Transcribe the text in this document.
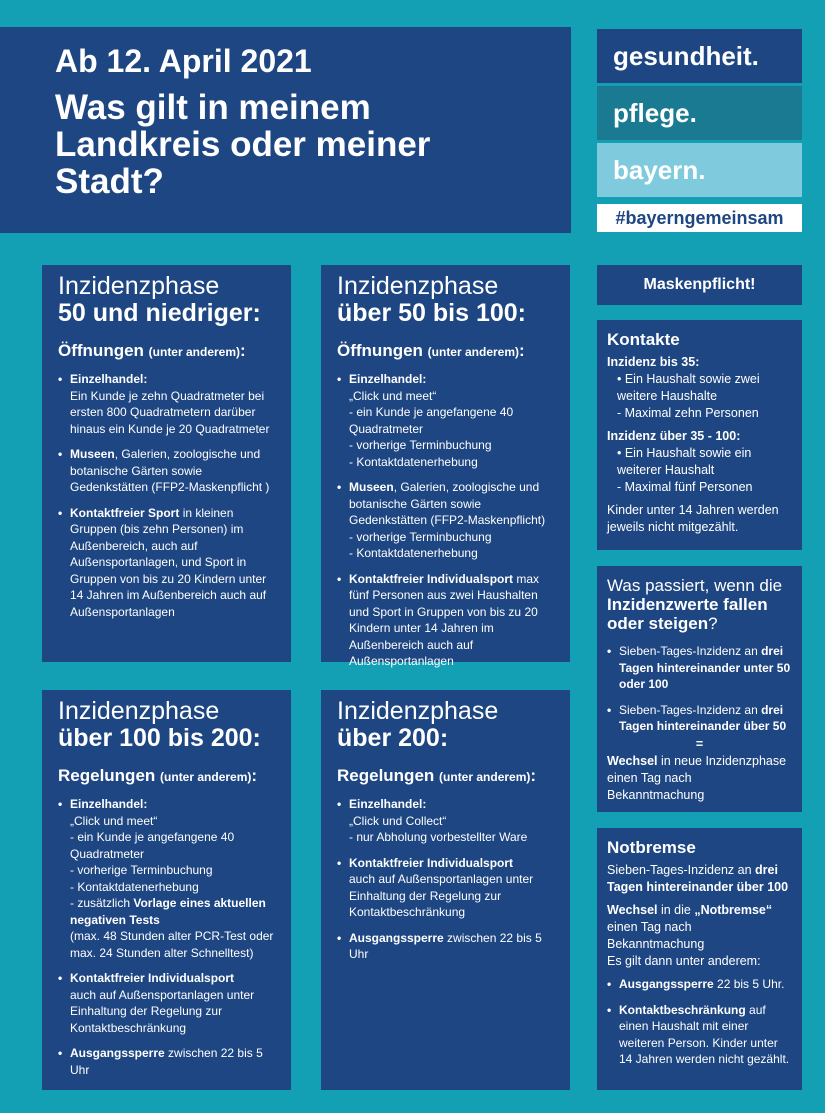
Ab 12. April 2021
Was gilt in meinem Landkreis oder meiner Stadt?
gesundheit.
pflege.
bayern.
#bayerngemeinsam
Inzidenzphase
50 und niedriger:
Öffnungen (unter anderem):
• Einzelhandel:
Ein Kunde je zehn Quadratmeter bei ersten 800 Quadratmetern darüber hinaus ein Kunde je 20 Quadratmeter
• Museen, Galerien, zoologische und botanische Gärten sowie Gedenkstätten (FFP2-Maskenpflicht )
• Kontaktfreier Sport in kleinen Gruppen (bis zehn Personen) im Außenbereich, auch auf Außensportanlagen, und Sport in Gruppen von bis zu 20 Kindern unter 14 Jahren im Außenbereich auch auf Außensportanlagen
Inzidenzphase
über 50 bis 100:
Öffnungen (unter anderem):
• Einzelhandel:
„Click und meet“
- ein Kunde je angefangene 40 Quadratmeter
- vorherige Terminbuchung
- Kontaktdatenerhebung
• Museen, Galerien, zoologische und botanische Gärten sowie Gedenkstätten (FFP2-Maskenpflicht)
- vorherige Terminbuchung
- Kontaktdatenerhebung
• Kontaktfreier Individualsport max fünf Personen aus zwei Haushalten und Sport in Gruppen von bis zu 20 Kindern unter 14 Jahren im Außenbereich auch auf Außensportanlagen
Inzidenzphase
über 100 bis 200:
Regelungen (unter anderem):
• Einzelhandel:
„Click und meet“
- ein Kunde je angefangene 40 Quadratmeter
- vorherige Terminbuchung
- Kontaktdatenerhebung
- zusätzlich Vorlage eines aktuellen negativen Tests
(max. 48 Stunden alter PCR-Test oder max. 24 Stunden alter Schnelltest)
• Kontaktfreier Individualsport
auch auf Außensportanlagen unter Einhaltung der Regelung zur Kontaktbeschränkung
• Ausgangssperre zwischen 22 bis 5 Uhr
Inzidenzphase
über 200:
Regelungen (unter anderem):
• Einzelhandel:
„Click und Collect“
- nur Abholung vorbestellter Ware
• Kontaktfreier Individualsport
auch auf Außensportanlagen unter Einhaltung der Regelung zur Kontaktbeschränkung
• Ausgangssperre zwischen 22 bis 5 Uhr
Maskenpflicht!
Kontakte

Inzidenz bis 35:

• Ein Haushalt sowie zwei weitere Haushalte

- Maximal zehn Personen

Inzidenz über 35 - 100:

• Ein Haushalt sowie ein weiterer Haushalt

- Maximal fünf Personen

Kinder unter 14 Jahren werden jeweils nicht mitgezählt.

Was passiert, wenn die Inzidenzwerte fallen oder steigen?
• Sieben-Tages-Inzidenz an drei Tagen hintereinander unter 50 oder 100
• Sieben-Tages-Inzidenz an drei Tagen hintereinander über 50
=

Wechsel in neue Inzidenzphase einen Tag nach Bekanntmachung

Notbremse

Sieben-Tages-Inzidenz an drei Tagen hintereinander über 100

Wechsel in die „Notbremse“ einen Tag nach Bekanntmachung

Es gilt dann unter anderem:

• Ausgangssperre 22 bis 5 Uhr.
• Kontaktbeschränkung auf einen Haushalt mit einer weiteren Person. Kinder unter 14 Jahren werden nicht gezählt.
